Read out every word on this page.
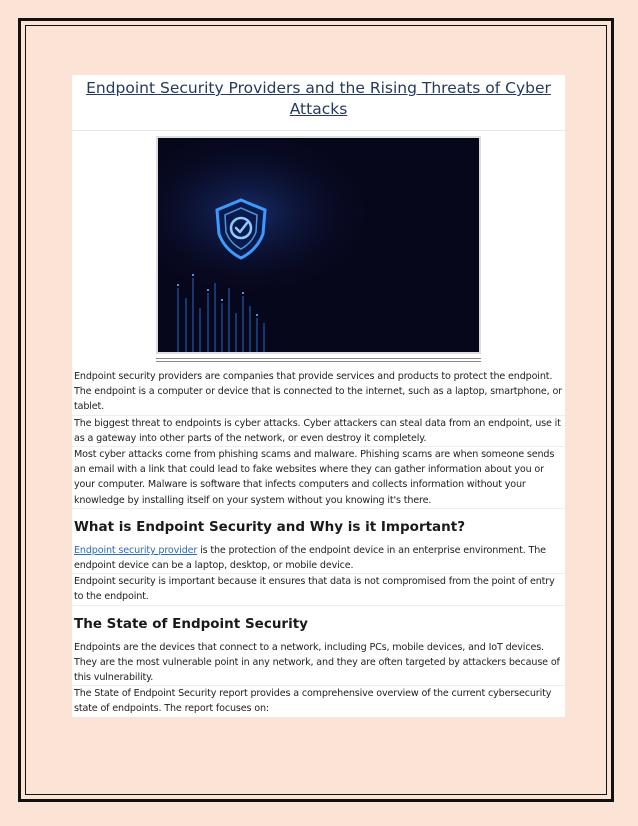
Endpoint Security Providers and the Rising Threats of Cyber Attacks

Endpoint security providers are companies that provide services and products to protect the endpoint. The endpoint is a computer or device that is connected to the internet, such as a laptop, smartphone, or tablet.

The biggest threat to endpoints is cyber attacks. Cyber attackers can steal data from an endpoint, use it as a gateway into other parts of the network, or even destroy it completely.

Most cyber attacks come from phishing scams and malware. Phishing scams are when someone sends an email with a link that could lead to fake websites where they can gather information about you or your computer. Malware is software that infects computers and collects information without your knowledge by installing itself on your system without you knowing it's there.

What is Endpoint Security and Why is it Important?

Endpoint security provider is the protection of the endpoint device in an enterprise environment. The endpoint device can be a laptop, desktop, or mobile device.

Endpoint security is important because it ensures that data is not compromised from the point of entry to the endpoint.

The State of Endpoint Security

Endpoints are the devices that connect to a network, including PCs, mobile devices, and IoT devices. They are the most vulnerable point in any network, and they are often targeted by attackers because of this vulnerability.

The State of Endpoint Security report provides a comprehensive overview of the current cybersecurity state of endpoints. The report focuses on:
